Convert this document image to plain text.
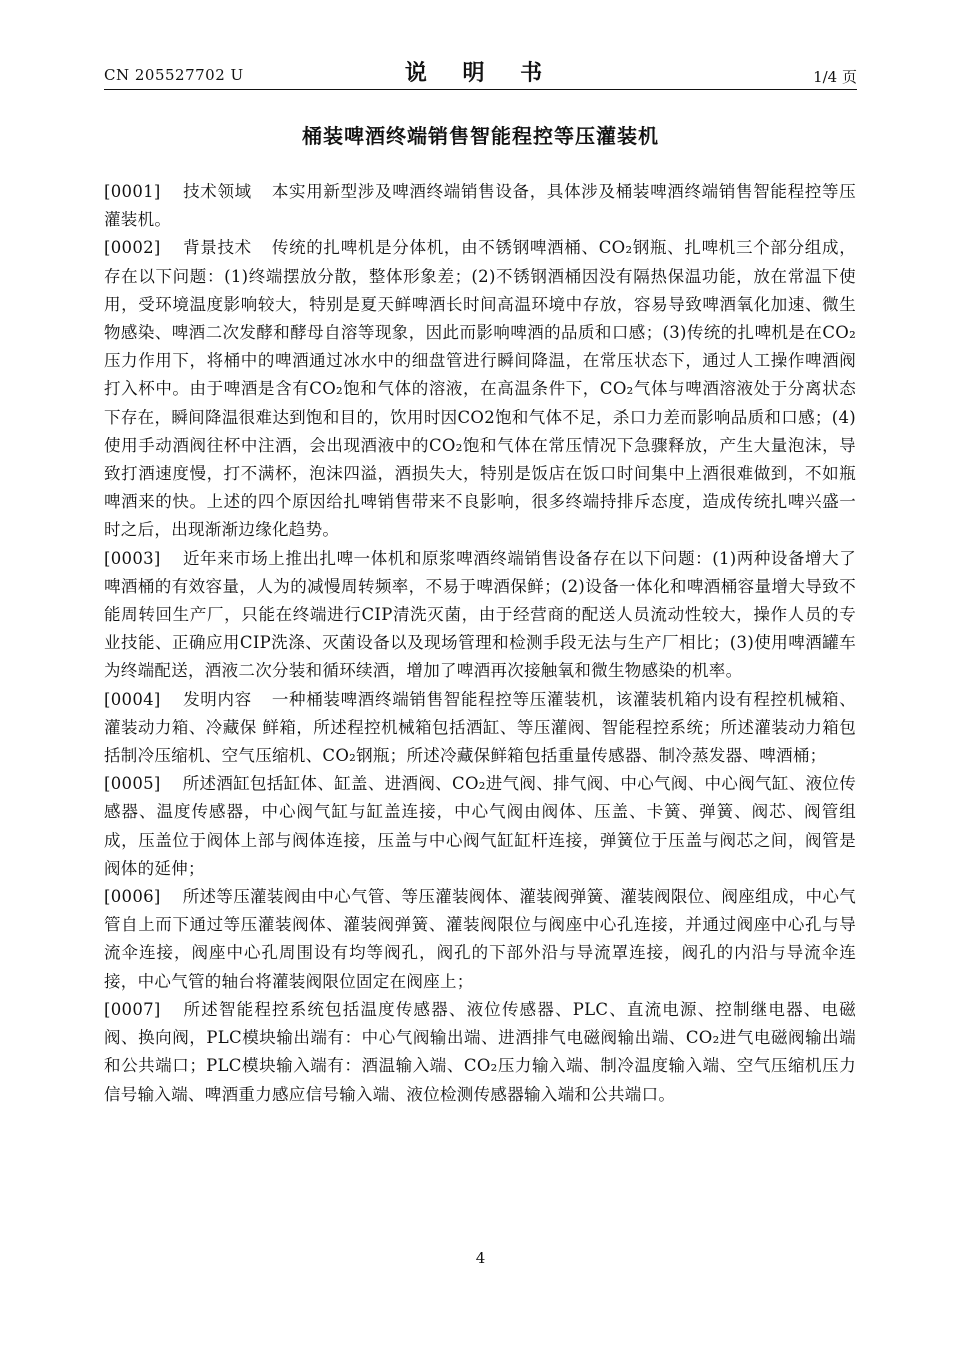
CN 205527702 U	说 明 书	1/4 页
桶装啤酒终端销售智能程控等压灌装机

[0001] 技术领域 本实用新型涉及啤酒终端销售设备，具体涉及桶装啤酒终端销售智能程控等压灌装机。

[0002] 背景技术 传统的扎啤机是分体机，由不锈钢啤酒桶、CO₂钢瓶、扎啤机三个部分组成，存在以下问题：(1)终端摆放分散，整体形象差；(2)不锈钢酒桶因没有隔热保温功能，放在常温下使用，受环境温度影响较大，特别是夏天鲜啤酒长时间高温环境中存放，容易导致啤酒氧化加速、微生物感染、啤酒二次发酵和酵母自溶等现象，因此而影响啤酒的品质和口感；(3)传统的扎啤机是在CO₂压力作用下，将桶中的啤酒通过冰水中的细盘管进行瞬间降温，在常压状态下，通过人工操作啤酒阀打入杯中。由于啤酒是含有CO₂饱和气体的溶液，在高温条件下，CO₂气体与啤酒溶液处于分离状态下存在，瞬间降温很难达到饱和目的，饮用时因CO2饱和气体不足，杀口力差而影响品质和口感；(4)使用手动酒阀往杯中注酒，会出现酒液中的CO₂饱和气体在常压情况下急骤释放，产生大量泡沫，导致打酒速度慢，打不满杯，泡沫四溢，酒损失大，特别是饭店在饭口时间集中上酒很难做到，不如瓶啤酒来的快。上述的四个原因给扎啤销售带来不良影响，很多终端持排斥态度，造成传统扎啤兴盛一时之后，出现渐渐边缘化趋势。

[0003] 近年来市场上推出扎啤一体机和原浆啤酒终端销售设备存在以下问题：(1)两种设备增大了啤酒桶的有效容量，人为的减慢周转频率，不易于啤酒保鲜；(2)设备一体化和啤酒桶容量增大导致不能周转回生产厂，只能在终端进行CIP清洗灭菌，由于经营商的配送人员流动性较大，操作人员的专业技能、正确应用CIP洗涤、灭菌设备以及现场管理和检测手段无法与生产厂相比；(3)使用啤酒罐车为终端配送，酒液二次分装和循环续酒，增加了啤酒再次接触氧和微生物感染的机率。

[0004] 发明内容 一种桶装啤酒终端销售智能程控等压灌装机，该灌装机箱内设有程控机械箱、灌装动力箱、冷藏保 鲜箱，所述程控机械箱包括酒缸、等压灌阀、智能程控系统；所述灌装动力箱包括制冷压缩机、空气压缩机、CO₂钢瓶；所述冷藏保鲜箱包括重量传感器、制冷蒸发器、啤酒桶；

[0005] 所述酒缸包括缸体、缸盖、进酒阀、CO₂进气阀、排气阀、中心气阀、中心阀气缸、液位传感器、温度传感器，中心阀气缸与缸盖连接，中心气阀由阀体、压盖、卡簧、弹簧、阀芯、阀管组成，压盖位于阀体上部与阀体连接，压盖与中心阀气缸缸杆连接，弹簧位于压盖与阀芯之间，阀管是阀体的延伸；

[0006] 所述等压灌装阀由中心气管、等压灌装阀体、灌装阀弹簧、灌装阀限位、阀座组成，中心气管自上而下通过等压灌装阀体、灌装阀弹簧、灌装阀限位与阀座中心孔连接，并通过阀座中心孔与导流伞连接，阀座中心孔周围设有均等阀孔，阀孔的下部外沿与导流罩连接，阀孔的内沿与导流伞连接，中心气管的轴台将灌装阀限位固定在阀座上；

[0007] 所述智能程控系统包括温度传感器、液位传感器、PLC、直流电源、控制继电器、电磁阀、换向阀，PLC模块输出端有：中心气阀输出端、进酒排气电磁阀输出端、CO₂进气电磁阀输出端和公共端口；PLC模块输入端有：酒温输入端、CO₂压力输入端、制冷温度输入端、空气压缩机压力信号输入端、啤酒重力感应信号输入端、液位检测传感器输入端和公共端口。

4
